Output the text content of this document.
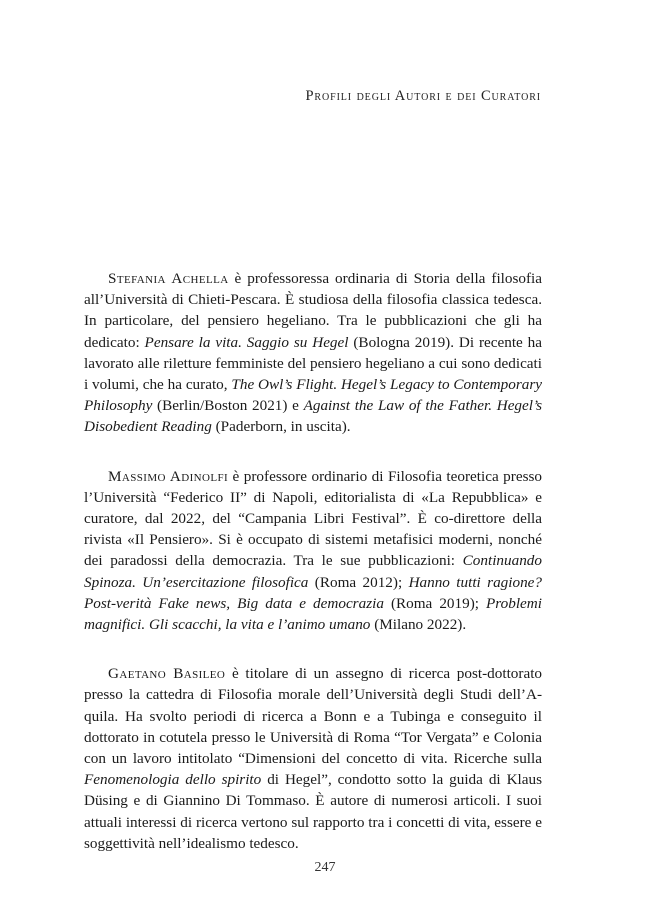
Profili degli Autori e dei Curatori

Stefania Achella è professoressa ordinaria di Storia della filosofia all’Università di Chieti-Pescara. È studiosa della filosofia classica tedesca. In particolare, del pensiero hegeliano. Tra le pubblicazioni che gli ha dedicato: Pensare la vita. Saggio su Hegel (Bologna 2019). Di recente ha lavorato alle riletture femministe del pensiero hegeliano a cui sono dedicati i volumi, che ha curato, The Owl’s Flight. Hegel’s Legacy to Contemporary Philosophy (Berlin/Boston 2021) e Against the Law of the Father. Hegel’s Disobedient Reading (Paderborn, in uscita).

Massimo Adinolfi è professore ordinario di Filosofia teoretica presso l’Università “Federico II” di Napoli, editorialista di «La Repubblica» e curatore, dal 2022, del “Campania Libri Festival”. È co-direttore della rivista «Il Pensiero». Si è occupato di sistemi metafisici moderni, nonché dei paradossi della democrazia. Tra le sue pubblicazioni: Continuando Spinoza. Un’esercitazione filosofica (Roma 2012); Hanno tutti ragione? Post-verità Fake news, Big data e democrazia (Roma 2019); Problemi magnifici. Gli scacchi, la vita e l’animo umano (Milano 2022).

Gaetano Basileo è titolare di un assegno di ricerca post-dottorato presso la cattedra di Filosofia morale dell’Università degli Studi dell’Aquila. Ha svolto periodi di ricerca a Bonn e a Tubinga e conseguito il dottorato in cotutela presso le Università di Roma “Tor Vergata” e Colonia con un lavoro intitolato “Dimensioni del concetto di vita. Ricerche sulla Fenomenologia dello spirito di Hegel”, condotto sotto la guida di Klaus Düsing e di Giannino Di Tommaso. È autore di numerosi articoli. I suoi attuali interessi di ricerca vertono sul rapporto tra i concetti di vita, essere e soggettività nell’idealismo tedesco.

247
